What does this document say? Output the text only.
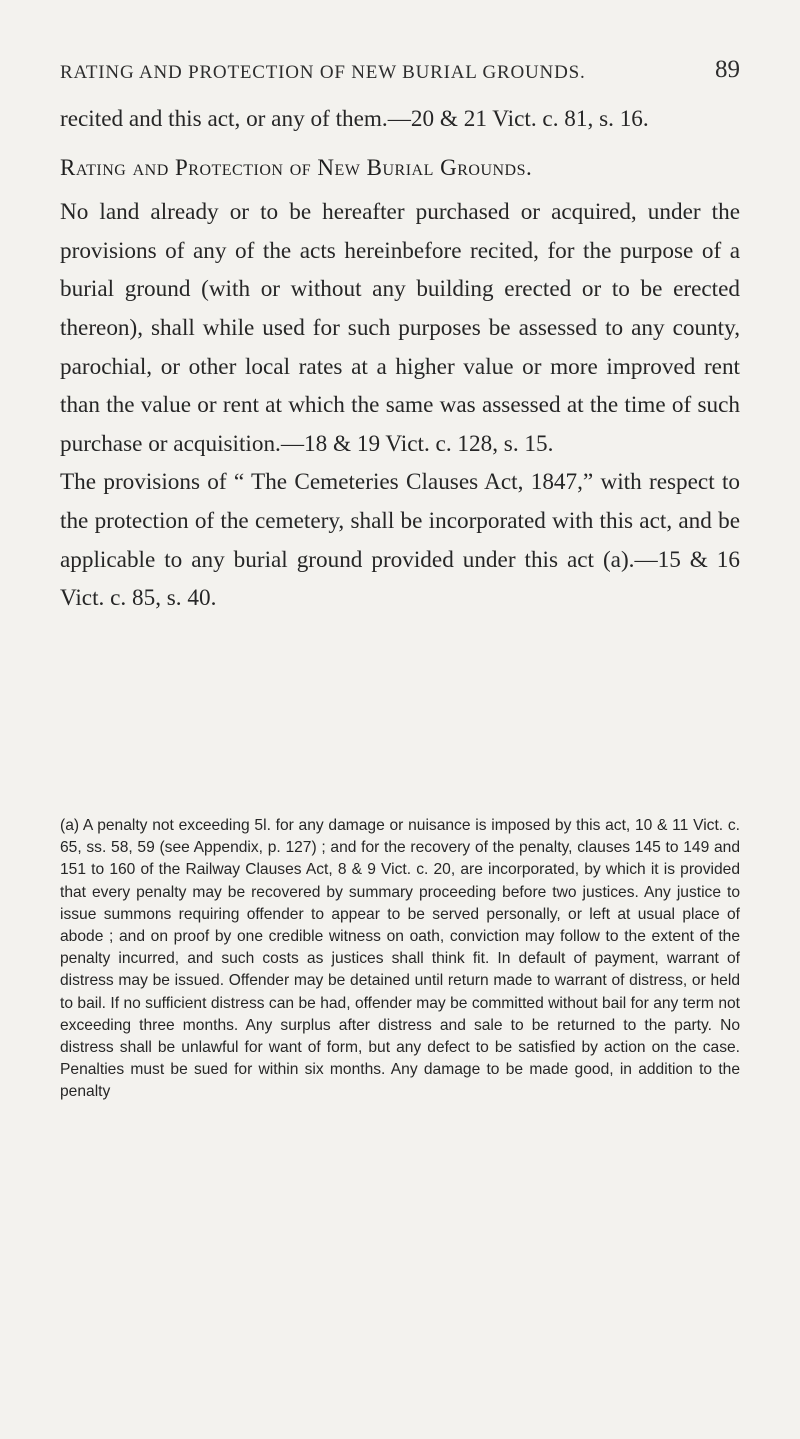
RATING AND PROTECTION OF NEW BURIAL GROUNDS.	89

recited and this act, or any of them.—20 & 21 Vict. c. 81, s. 16.

Rating and Protection of New Burial Grounds.

No land already or to be hereafter purchased or acquired, under the provisions of any of the acts hereinbefore recited, for the purpose of a burial ground (with or without any building erected or to be erected thereon), shall while used for such purposes be assessed to any county, parochial, or other local rates at a higher value or more improved rent than the value or rent at which the same was assessed at the time of such purchase or acquisition.—18 & 19 Vict. c. 128, s. 15.

The provisions of “ The Cemeteries Clauses Act, 1847,” with respect to the protection of the cemetery, shall be incorporated with this act, and be applicable to any burial ground provided under this act (a).—15 & 16 Vict. c. 85, s. 40.

(a) A penalty not exceeding 5l. for any damage or nuisance is imposed by this act, 10 & 11 Vict. c. 65, ss. 58, 59 (see Appendix, p. 127) ; and for the recovery of the penalty, clauses 145 to 149 and 151 to 160 of the Railway Clauses Act, 8 & 9 Vict. c. 20, are incorporated, by which it is provided that every penalty may be recovered by summary proceeding before two justices. Any justice to issue summons requiring offender to appear to be served personally, or left at usual place of abode ; and on proof by one credible witness on oath, conviction may follow to the extent of the penalty incurred, and such costs as justices shall think fit. In default of payment, warrant of distress may be issued. Offender may be detained until return made to warrant of distress, or held to bail. If no sufficient distress can be had, offender may be committed without bail for any term not exceeding three months. Any surplus after distress and sale to be returned to the party. No distress shall be unlawful for want of form, but any defect to be satisfied by action on the case. Penalties must be sued for within six months. Any damage to be made good, in addition to the penalty
